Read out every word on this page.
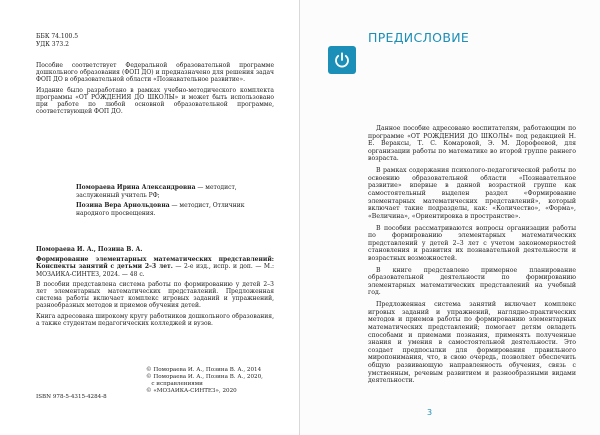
ББК 74.100.5
УДК 373.2

Пособие соответствует Федеральной образовательной программе дошкольного образования (ФОП ДО) и предназначено для решения задач ФОП ДО в образовательной области «Познавательное развитие».

Издание было разработано в рамках учебно-методического комплекта программы «ОТ РОЖДЕНИЯ ДО ШКОЛЫ» и может быть использовано при работе по любой основной образовательной программе, соответствующей ФОП ДО.

Помораева Ирина Александровна — методист, заслуженный учитель РФ;
Позина Вера Арнольдовна — методист, Отличник народного просвещения.

Помораева И. А., Позина В. А.

Формирование элементарных математических представлений: Конспекты занятий с детьми 2–3 лет. — 2-е изд., испр. и доп. — М.: МОЗАИКА-СИНТЕЗ, 2024. — 48 с.

В пособии представлена система работы по формированию у детей 2–3 лет элементарных математических представлений. Предложенная система работы включает комплекс игровых заданий и упражнений, разнообразных методов и приемов обучения детей.

Книга адресована широкому кругу работников дошкольного образования, а также студентам педагогических колледжей и вузов.

© Помораева И. А., Позина В. А., 2014
© Помораева И. А., Позина В. А., 2020,
с исправлениями
© «МОЗАИКА-СИНТЕЗ», 2020
ISBN 978-5-4315-4284-8
ПРЕДИСЛОВИЕ

Данное пособие адресовано воспитателям, работающим по программе «ОТ РОЖДЕНИЯ ДО ШКОЛЫ» под редакцией Н. Е. Вераксы, Т. С. Комаровой, Э. М. Дорофеевой, для организации работы по математике во второй группе раннего возраста.

В рамках содержания психолого-педагогической работы по освоению образовательной области «Познавательное развитие» впервые в данной возрастной группе как самостоятельный выделен раздел «Формирование элементарных математических представлений», который включает такие подразделы, как: «Количество», «Форма», «Величина», «Ориентировка в пространстве».

В пособии рассматриваются вопросы организации работы по формированию элементарных математических представлений у детей 2–3 лет с учетом закономерностей становления и развития их познавательной деятельности и возрастных возможностей.

В книге представлено примерное планирование образовательной деятельности по формированию элементарных математических представлений на учебный год.

Предложенная система занятий включает комплекс игровых заданий и упражнений, наглядно-практических методов и приемов работы по формированию элементарных математических представлений; помогает детям овладеть способами и приемами познания, применять полученные знания и умения в самостоятельной деятельности. Это создает предпосылки для формирования правильного миропонимания, что, в свою очередь, позволяет обеспечить общую развивающую направленность обучения, связь с умственным, речевым развитием и разнообразными видами деятельности.

3
